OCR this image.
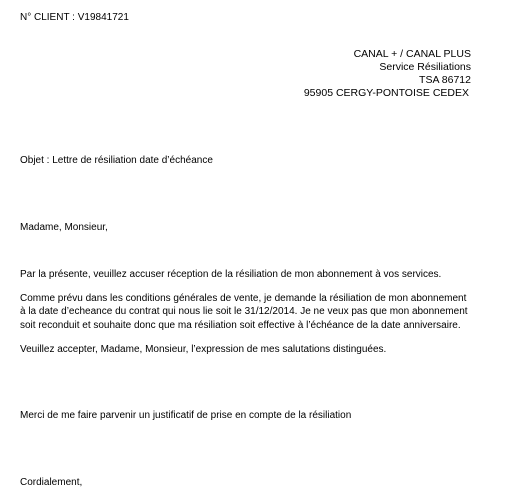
N° CLIENT : V19841721
CANAL + / CANAL PLUS
Service Résiliations
TSA 86712
95905 CERGY-PONTOISE CEDEX
Objet : Lettre de résiliation date d’échéance
Madame, Monsieur,
Par la présente, veuillez accuser réception de la résiliation de mon abonnement à vos services.
Comme prévu dans les conditions générales de vente, je demande la résiliation de mon abonnement
à la date d’echeance du contrat qui nous lie soit le 31/12/2014. Je ne veux pas que mon abonnement
soit reconduit et souhaite donc que ma résiliation soit effective à l’échéance de la date anniversaire.
Veuillez accepter, Madame, Monsieur, l’expression de mes salutations distinguées.
Merci de me faire parvenir un justificatif de prise en compte de la résiliation
Cordialement,
